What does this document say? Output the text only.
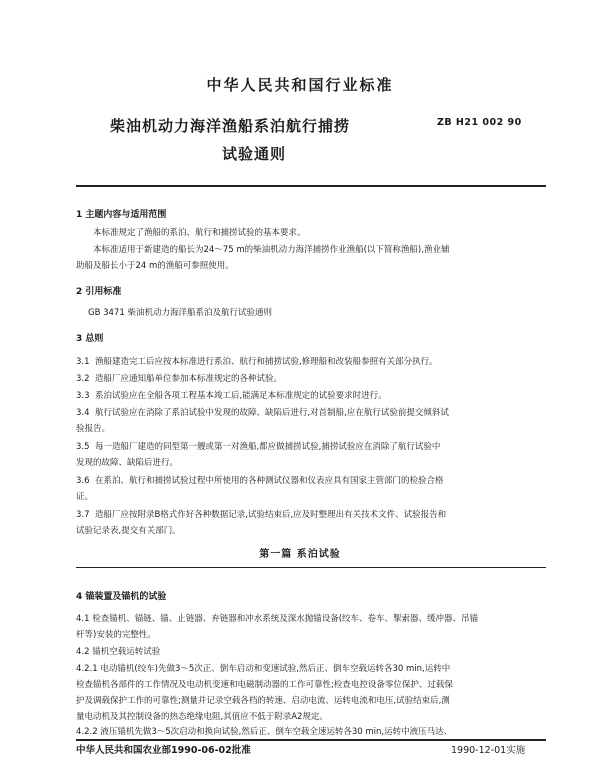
中华人民共和国行业标准
柴油机动力海洋渔船系泊航行捕捞
试验通则
ZB H21 002 90
1 主题内容与适用范围
本标准规定了渔船的系泊、航行和捕捞试验的基本要求。
本标准适用于新建造的船长为24～75 m的柴油机动力海洋捕捞作业渔船(以下简称渔船),渔业辅
助船及船长小于24 m的渔船可参照使用。
2 引用标准
GB 3471 柴油机动力海洋船系泊及航行试验通则
3 总则
3.1 渔船建造完工后应按本标准进行系泊、航行和捕捞试验,修理船和改装船参照有关部分执行。
3.2 造船厂应通知船单位参加本标准规定的各种试验。
3.3 系泊试验应在全船各项工程基本竣工后,能满足本标准规定的试验要求时进行。
3.4 航行试验应在消除了系泊试验中发现的故障、缺陷后进行,对首制船,应在航行试验前提交倾斜试
验报告。
3.5 每一造船厂建造的同型第一艘或第一对渔船,都应做捕捞试验,捕捞试验应在消除了航行试验中
发现的故障、缺陷后进行。
3.6 在系泊、航行和捕捞试验过程中所使用的各种测试仪器和仪表应具有国家主管部门的检验合格
证。
3.7 造船厂应按附录B格式作好各种数据记录,试验结束后,应及时整理出有关技术文件、试验报告和
试验记录表,提交有关部门。
第一篇 系泊试验
4 锚装置及锚机的试验
4.1 检查锚机、锚链、锚、止链器、弃链器和冲水系统及深水抛锚设备(绞车、卷车、掣索器、缓冲器、吊锚
杆等)安装的完整性。
4.2 锚机空载运转试验
4.2.1 电动锚机(绞车)先做3～5次正、倒车启动和变速试验,然后正、倒车空载运转各30 min,运转中
检查锚机各部件的工作情况及电动机变速和电磁制动器的工作可靠性;检查电控设备零位保护、过载保
护及调载保护工作的可靠性;测量并记录空载各档的转速、启动电流、运转电流和电压,试验结束后,测
量电动机及其控制设备的热态绝缘电阻,其值应不低于附录A2规定。
4.2.2 液压锚机先做3～5次启动和换向试验,然后正、倒车空载全速运转各30 min,运转中液压马达、
中华人民共和国农业部1990-06-02批准	1990-12-01实施
